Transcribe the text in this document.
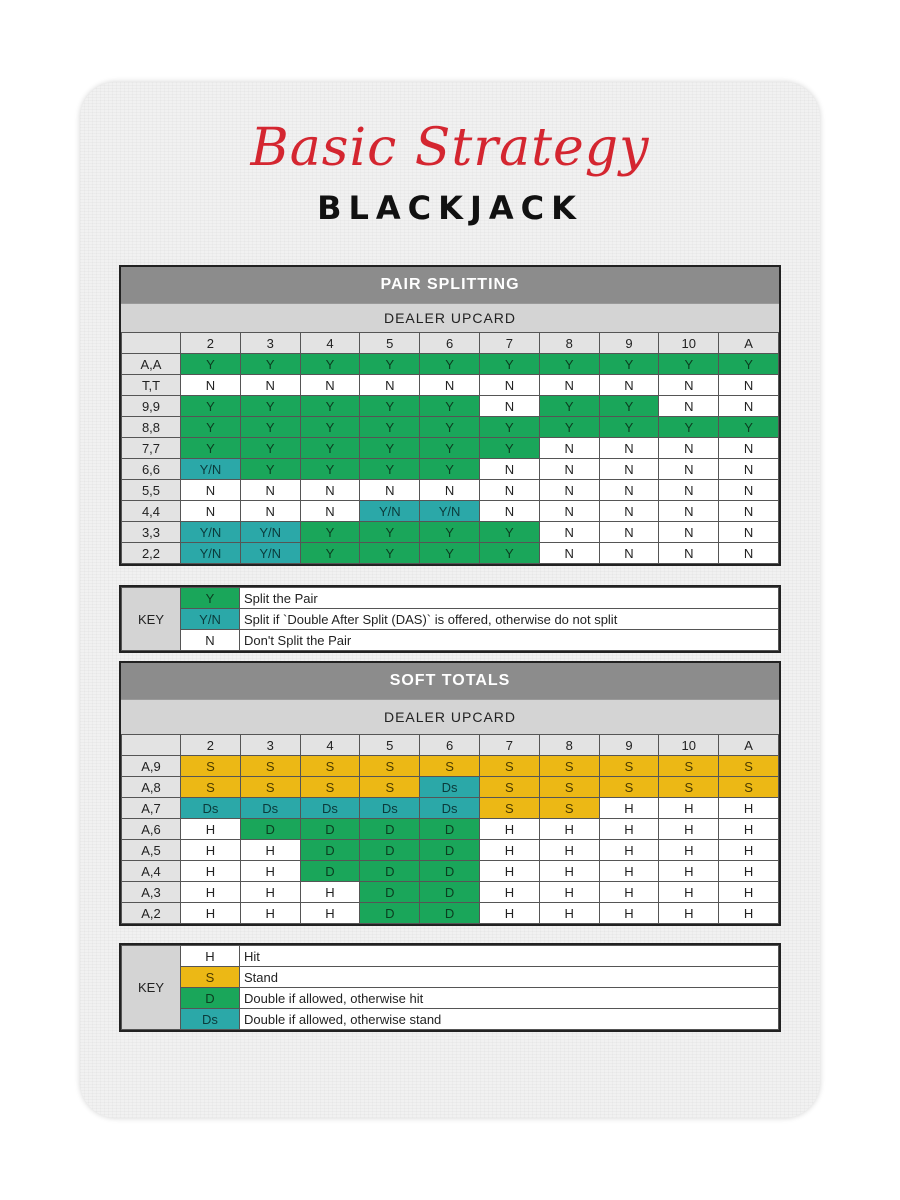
Basic Strategy
BLACKJACK
PAIR SPLITTING
DEALER UPCARD
	2	3	4	5	6	7	8	9	10	A
A,A	Y	Y	Y	Y	Y	Y	Y	Y	Y	Y
T,T	N	N	N	N	N	N	N	N	N	N
9,9	Y	Y	Y	Y	Y	N	Y	Y	N	N
8,8	Y	Y	Y	Y	Y	Y	Y	Y	Y	Y
7,7	Y	Y	Y	Y	Y	Y	N	N	N	N
6,6	Y/N	Y	Y	Y	Y	N	N	N	N	N
5,5	N	N	N	N	N	N	N	N	N	N
4,4	N	N	N	Y/N	Y/N	N	N	N	N	N
3,3	Y/N	Y/N	Y	Y	Y	Y	N	N	N	N
2,2	Y/N	Y/N	Y	Y	Y	Y	N	N	N	N
KEY	Y	Split the Pair
	Y/N	Split if `Double After Split (DAS)` is offered, otherwise do not split
	N	Don't Split the Pair
SOFT TOTALS
DEALER UPCARD
	2	3	4	5	6	7	8	9	10	A
A,9	S	S	S	S	S	S	S	S	S	S
A,8	S	S	S	S	Ds	S	S	S	S	S
A,7	Ds	Ds	Ds	Ds	Ds	S	S	H	H	H
A,6	H	D	D	D	D	H	H	H	H	H
A,5	H	H	D	D	D	H	H	H	H	H
A,4	H	H	D	D	D	H	H	H	H	H
A,3	H	H	H	D	D	H	H	H	H	H
A,2	H	H	H	D	D	H	H	H	H	H
KEY	H	Hit
	S	Stand
	D	Double if allowed, otherwise hit
	Ds	Double if allowed, otherwise stand
